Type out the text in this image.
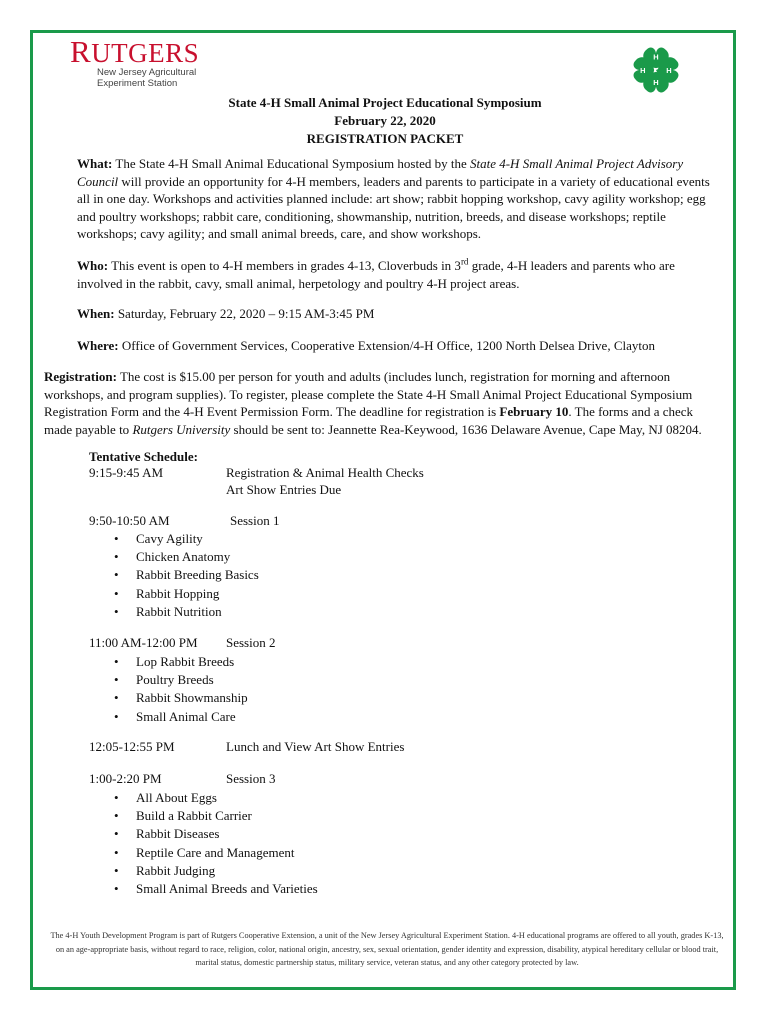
RUTGERS
New Jersey Agricultural
Experiment Station
H
H
H	H
State 4-H Small Animal Project Educational Symposium
February 22, 2020
REGISTRATION PACKET
What: The State 4-H Small Animal Educational Symposium hosted by the State 4-H Small Animal Project Advisory Council will provide an opportunity for 4-H members, leaders and parents to participate in a variety of educational events all in one day. Workshops and activities planned include: art show; rabbit hopping workshop, cavy agility workshop; egg and poultry workshops; rabbit care, conditioning, showmanship, nutrition, breeds, and disease workshops; reptile workshops; cavy agility; and small animal breeds, care, and show workshops.
Who: This event is open to 4-H members in grades 4-13, Cloverbuds in 3rd grade, 4-H leaders and parents who are involved in the rabbit, cavy, small animal, herpetology and poultry 4-H project areas.
When: Saturday, February 22, 2020 – 9:15 AM-3:45 PM
Where: Office of Government Services, Cooperative Extension/4-H Office, 1200 North Delsea Drive, Clayton
Registration: The cost is $15.00 per person for youth and adults (includes lunch, registration for morning and afternoon workshops, and program supplies). To register, please complete the State 4-H Small Animal Project Educational Symposium Registration Form and the 4-H Event Permission Form. The deadline for registration is February 10. The forms and a check made payable to Rutgers University should be sent to: Jeannette Rea-Keywood, 1636 Delaware Avenue, Cape May, NJ 08204.
Tentative Schedule:
9:15-9:45 AM	Registration & Animal Health Checks
Art Show Entries Due
9:50-10:50 AM	Session 1
• Cavy Agility
• Chicken Anatomy
• Rabbit Breeding Basics
• Rabbit Hopping
• Rabbit Nutrition
11:00 AM-12:00 PM Session 2
• Lop Rabbit Breeds
• Poultry Breeds
• Rabbit Showmanship
• Small Animal Care
12:05-12:55 PM	Lunch and View Art Show Entries
1:00-2:20 PM	Session 3
• All About Eggs
• Build a Rabbit Carrier
• Rabbit Diseases
• Reptile Care and Management
• Rabbit Judging
• Small Animal Breeds and Varieties
The 4-H Youth Development Program is part of Rutgers Cooperative Extension, a unit of the New Jersey Agricultural Experiment Station. 4-H educational programs are offered to all youth, grades K-13, on an age-appropriate basis, without regard to race, religion, color, national origin, ancestry, sex, sexual orientation, gender identity and expression, disability, atypical hereditary cellular or blood trait, marital status, domestic partnership status, military service, veteran status, and any other category protected by law.
